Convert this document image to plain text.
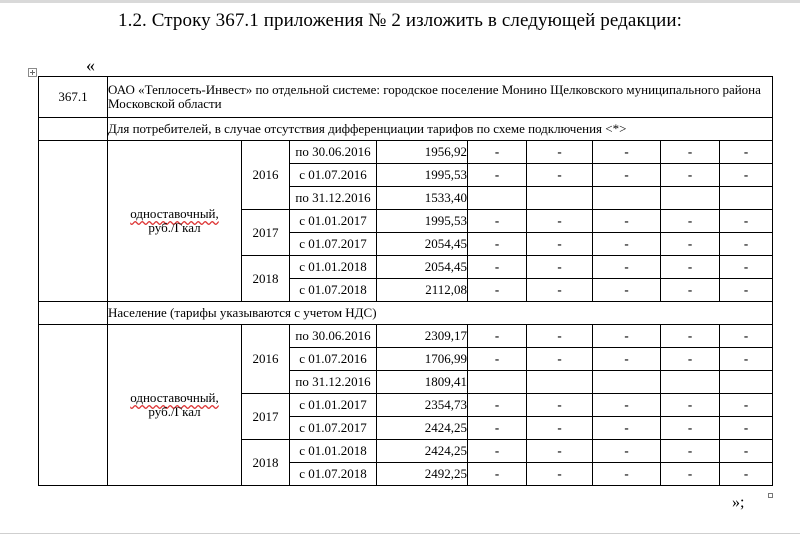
1.2. Строку 367.1 приложения № 2 изложить в следующей редакции:
«
367.1	ОАО «Теплосеть-Инвест» по отдельной системе: городское поселение Монино Щелковского муниципального района Московской области								
	Для потребителей, в случае отсутствия дифференциации тарифов по схеме подключения <*>								
	одноставочный,
руб./Гкал	2016	по 30.06.2016	1956,92	-	-	-	-	-
			с 01.07.2016	1995,53	-	-	-	-	-
			по 31.12.2016	1533,40					
		2017	с 01.01.2017	1995,53	-	-	-	-	-
			с 01.07.2017	2054,45	-	-	-	-	-
		2018	с 01.01.2018	2054,45	-	-	-	-	-
			с 01.07.2018	2112,08	-	-	-	-	-
	Население (тарифы указываются с учетом НДС)								
	одноставочный,
руб./Гкал	2016	по 30.06.2016	2309,17	-	-	-	-	-
			с 01.07.2016	1706,99	-	-	-	-	-
			по 31.12.2016	1809,41					
		2017	с 01.01.2017	2354,73	-	-	-	-	-
			с 01.07.2017	2424,25	-	-	-	-	-
		2018	с 01.01.2018	2424,25	-	-	-	-	-
			с 01.07.2018	2492,25	-	-	-	-	-
»;
